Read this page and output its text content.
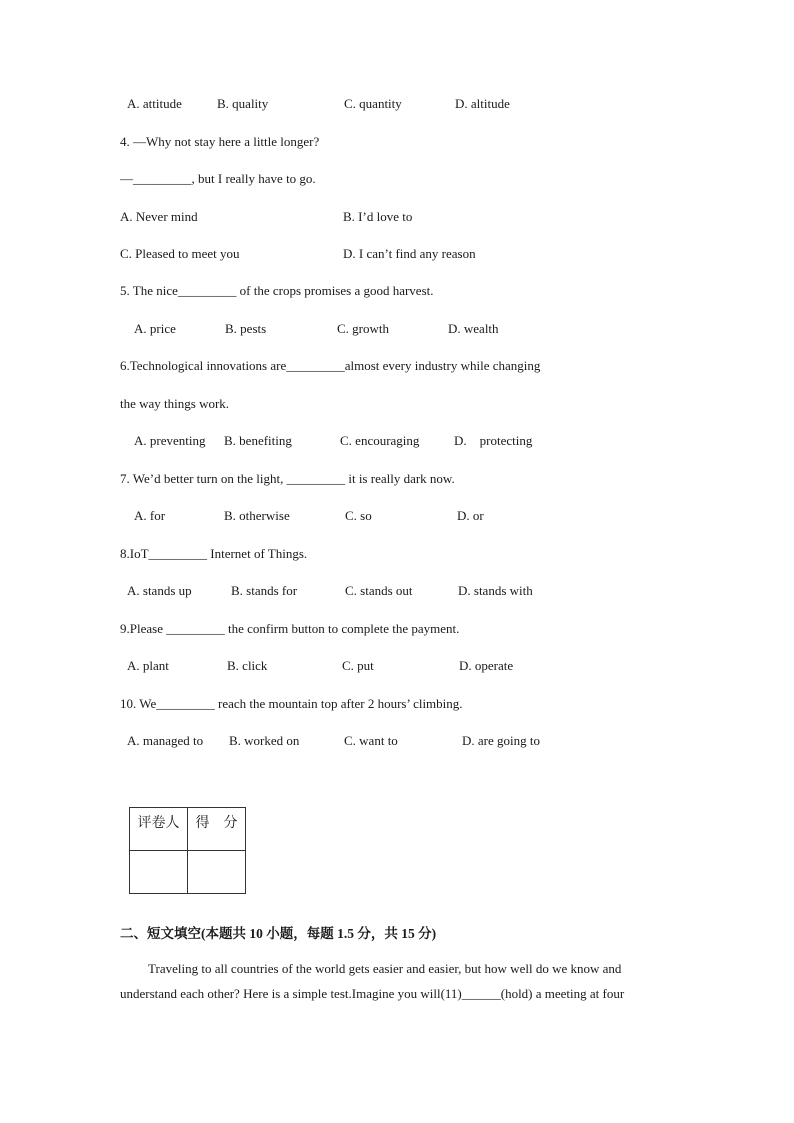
A. attitude	B. quality	C. quantity	D. altitude
4. —Why not stay here a little longer?
—_________, but I really have to go.
A. Never mind	B. I’d love to
C. Pleased to meet you	D. I can’t find any reason
5. The nice_________ of the crops promises a good harvest.
A. price	B. pests	C. growth	D. wealth
6.Technological innovations are_________almost every industry while changing
the way things work.
A. preventing B. benefiting	C. encouraging	D.    protecting
7. We’d better turn on the light, _________ it is really dark now.
A. for	B. otherwise	C. so	D. or
8.IoT_________ Internet of Things.
A. stands up	B. stands for	C. stands out	D. stands with
9.Please _________ the confirm button to complete the payment.
A. plant	B. click	C. put	D. operate
10. We_________ reach the mountain top after 2 hours’ climbing.
A. managed to B. worked on	C. want to	D. are going to
评卷人	得    分

二、短文填空(本题共 10 小题，每题 1.5 分，共 15 分)
Traveling to all countries of the world gets easier and easier, but how well do we know and
understand each other? Here is a simple test.Imagine you will(11)______(hold) a meeting at four
